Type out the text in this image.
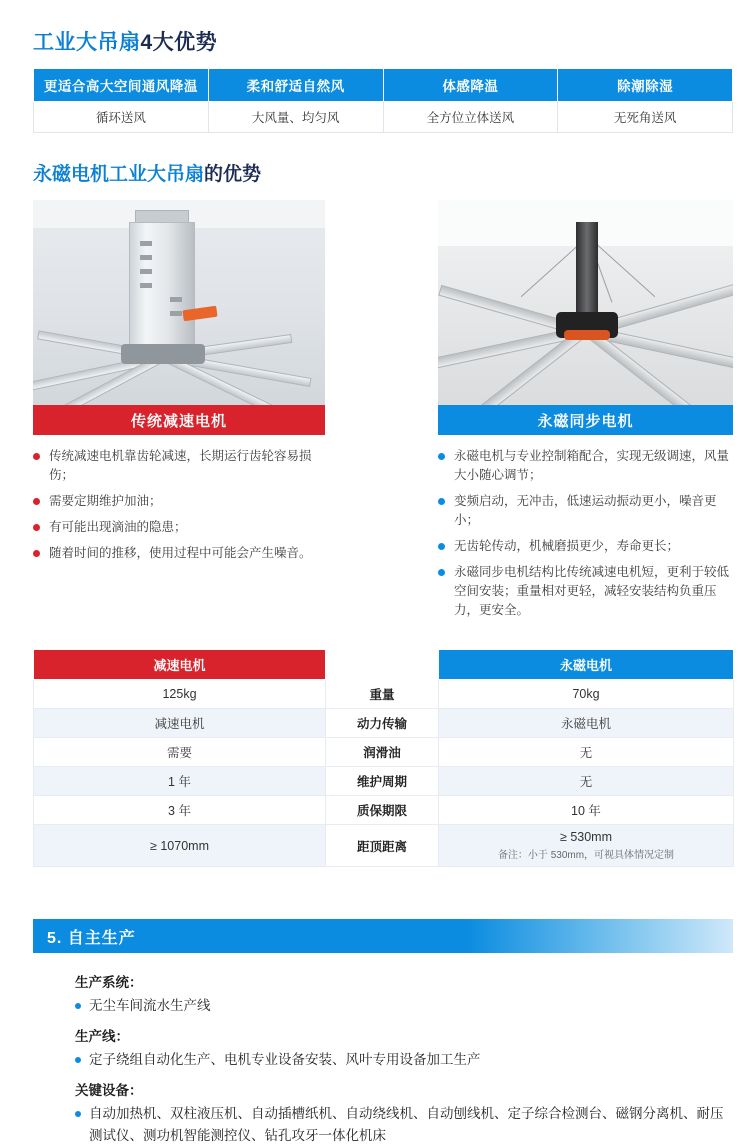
工业大吊扇4大优势
更适合高大空间通风降温	柔和舒适自然风	体感降温	除潮除湿
循环送风	大风量、均匀风	全方位立体送风	无死角送风
永磁电机工业大吊扇的优势
传统减速电机
传统减速电机靠齿轮减速，长期运行齿轮容易损伤；
需要定期维护加油；
有可能出现滴油的隐患；
随着时间的推移，使用过程中可能会产生噪音。
永磁同步电机
永磁电机与专业控制箱配合，实现无级调速，风量大小随心调节；
变频启动，无冲击，低速运动振动更小，噪音更小；
无齿轮传动，机械磨损更少，寿命更长；
永磁同步电机结构比传统减速电机短，更利于较低空间安装；重量相对更轻，减轻安装结构负重压力，更安全。
减速电机		永磁电机
125kg	重量	70kg
减速电机	动力传输	永磁电机
需要	润滑油	无
1 年	维护周期	无
3 年	质保期限	10 年
≥ 1070mm	距顶距离	≥ 530mm
备注：小于 530mm，可视具体情况定制
5. 自主生产
生产系统：
无尘车间流水生产线
生产线：
定子绕组自动化生产、电机专业设备安装、风叶专用设备加工生产
关键设备：
自动加热机、双柱液压机、自动插槽纸机、自动绕线机、自动刨线机、定子综合检测台、磁钢分离机、耐压测试仪、测功机智能测控仪、钻孔攻牙一体化机床
